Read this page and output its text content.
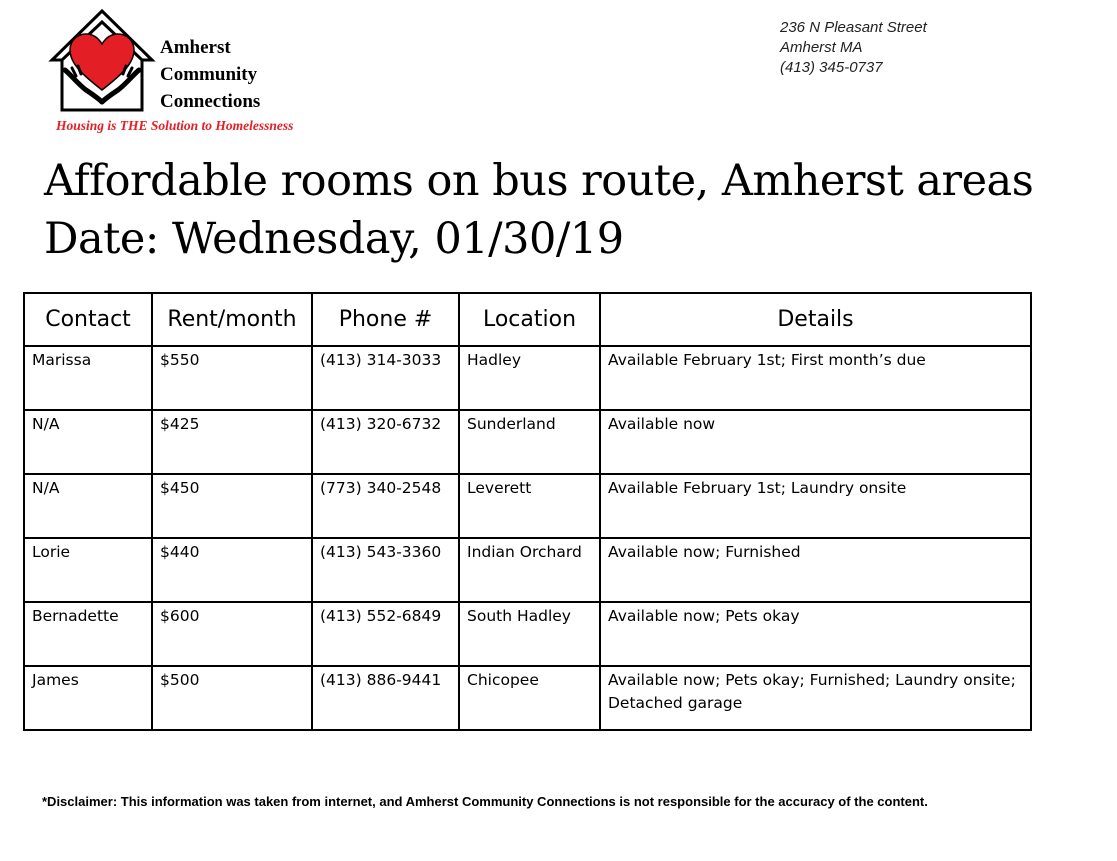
Amherst
Community
Connections
Housing is THE Solution to Homelessness
236 N Pleasant Street
Amherst MA
(413) 345-0737
Affordable rooms on bus route, Amherst areas
Date: Wednesday, 01/30/19
Contact	Rent/month	Phone #	Location	Details
Marissa	$550	(413) 314-3033	Hadley	Available February 1st; First month’s due
N/A	$425	(413) 320-6732	Sunderland	Available now
N/A	$450	(773) 340-2548	Leverett	Available February 1st; Laundry onsite
Lorie	$440	(413) 543-3360	Indian Orchard	Available now; Furnished
Bernadette	$600	(413) 552-6849	South Hadley	Available now; Pets okay
James	$500	(413) 886-9441	Chicopee	Available now; Pets okay; Furnished; Laundry onsite; Detached garage
*Disclaimer: This information was taken from internet, and Amherst Community Connections is not responsible for the accuracy of the content.
